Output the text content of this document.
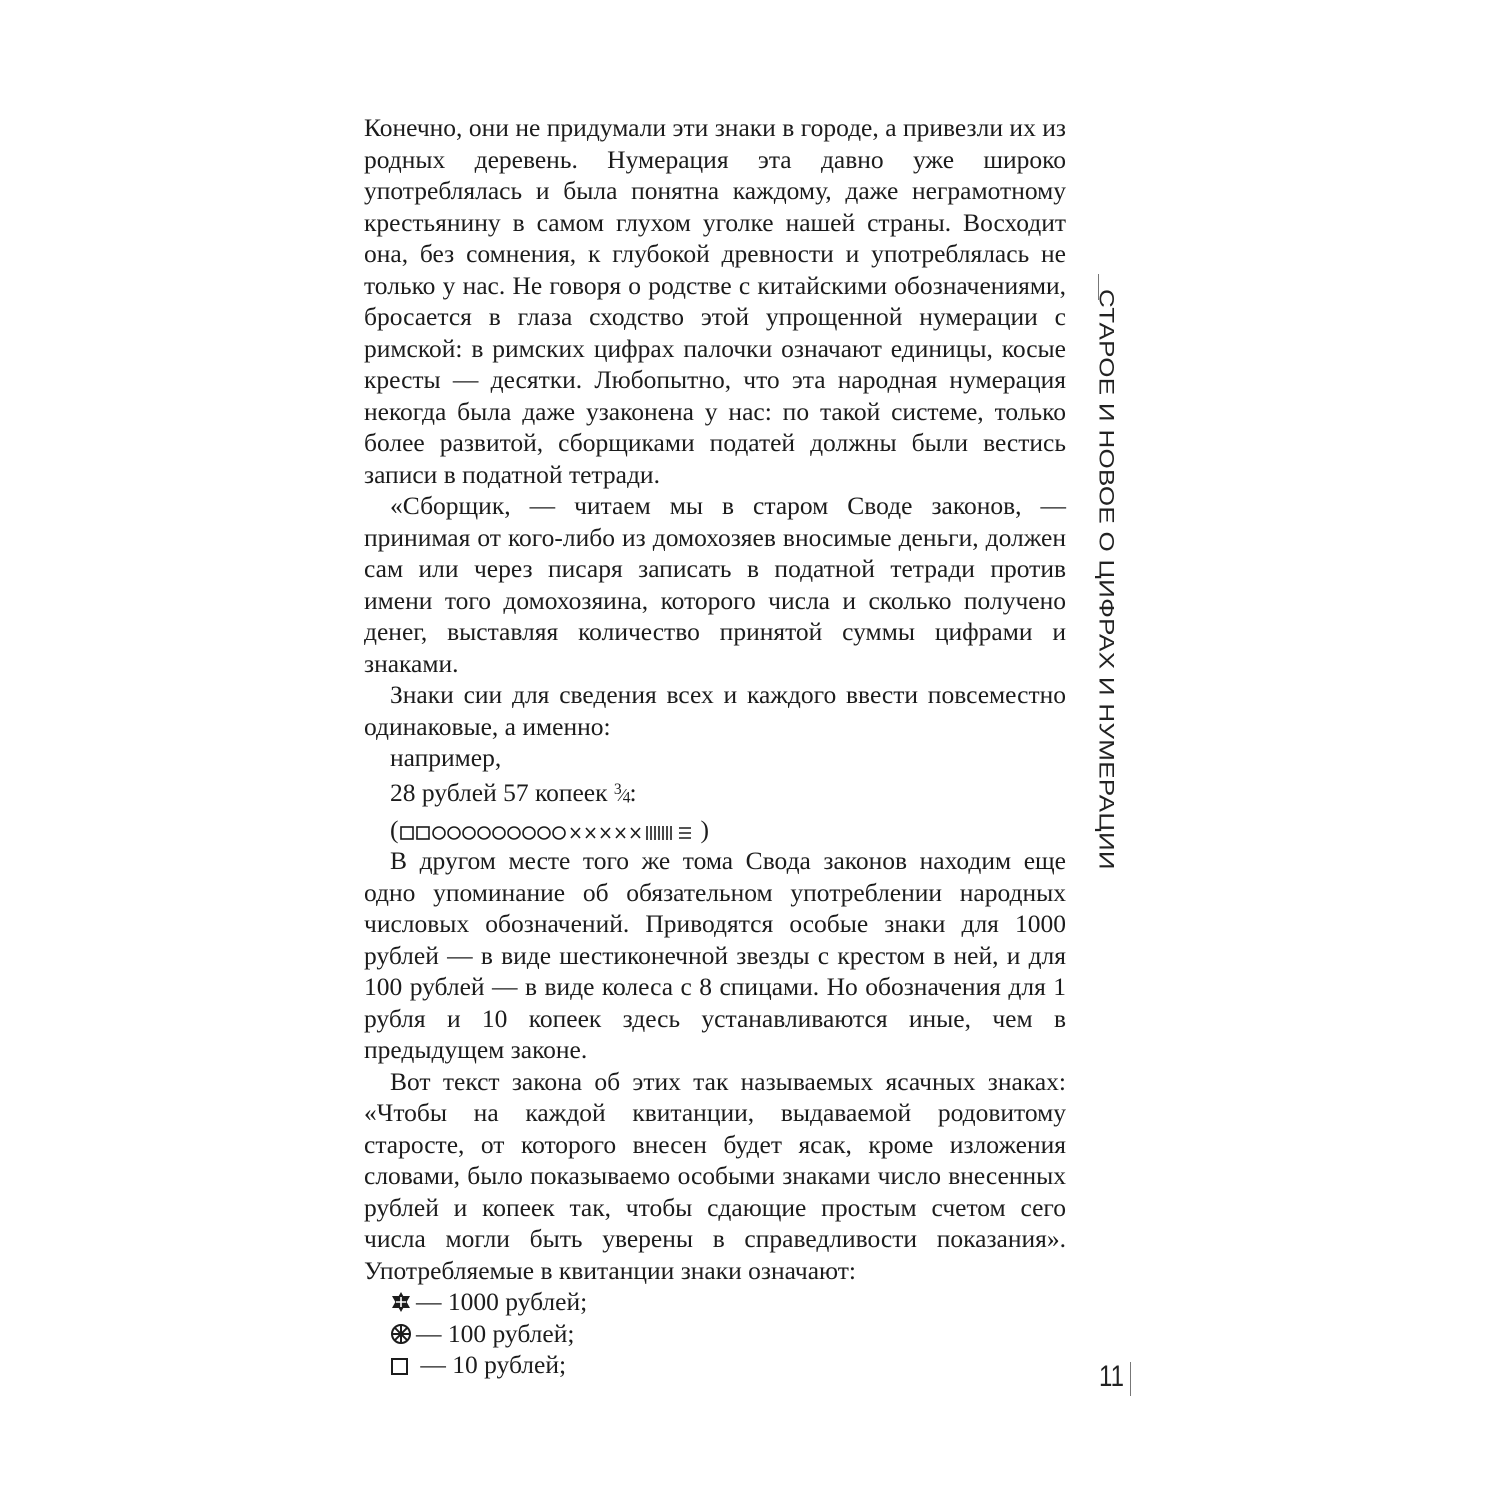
СТАРОЕ И НОВОЕ О ЦИФРАХ И НУМЕРАЦИИ

Конечно, они не придумали эти знаки в городе, а привезли их из родных деревень. Нумерация эта давно уже широко употреблялась и была понятна каждому, даже неграмотному крестьянину в самом глухом уголке нашей страны. Восходит она, без сомнения, к глубокой древности и употреблялась не только у нас. Не говоря о родстве с китайскими обозначениями, бросается в глаза сходство этой упрощенной нумерации с римской: в римских цифрах палочки означают единицы, косые кресты — десятки. Любопытно, что эта народная нумерация некогда была даже узаконена у нас: по такой системе, только более развитой, сборщиками податей должны были вестись записи в податной тетради.

«Сборщик, — читаем мы в старом Своде законов, — принимая от кого-либо из домохозяев вносимые деньги, должен сам или через писаря записать в податной тетради против имени того домохозяина, которого числа и сколько получено денег, выставляя количество принятой суммы цифрами и знаками.

Знаки сии для сведения всех и каждого ввести повсеместно одинаковые, а именно:

например,

28 рублей 57 копеек $^3⁄_4$:

(	)

В другом месте того же тома Свода законов находим еще одно упоминание об обязательном употреблении народных числовых обозначений. Приводятся особые знаки для 1000 рублей — в виде шестиконечной звезды с крестом в ней, и для 100 рублей — в виде колеса с 8 спицами. Но обозначения для 1 рубля и 10 копеек здесь устанавливаются иные, чем в предыдущем законе.

Вот текст закона об этих так называемых ясачных знаках: «Чтобы на каждой квитанции, выдаваемой родовитому старосте, от которого внесен будет ясак, кроме изложения словами, было показываемо особыми знаками число внесенных рублей и копеек так, чтобы сдающие простым счетом сего числа могли быть уверены в справедливости показания». Употребляемые в квитанции знаки означают:

— 1000 рублей;

— 100 рублей;

— 10 рублей;	11
